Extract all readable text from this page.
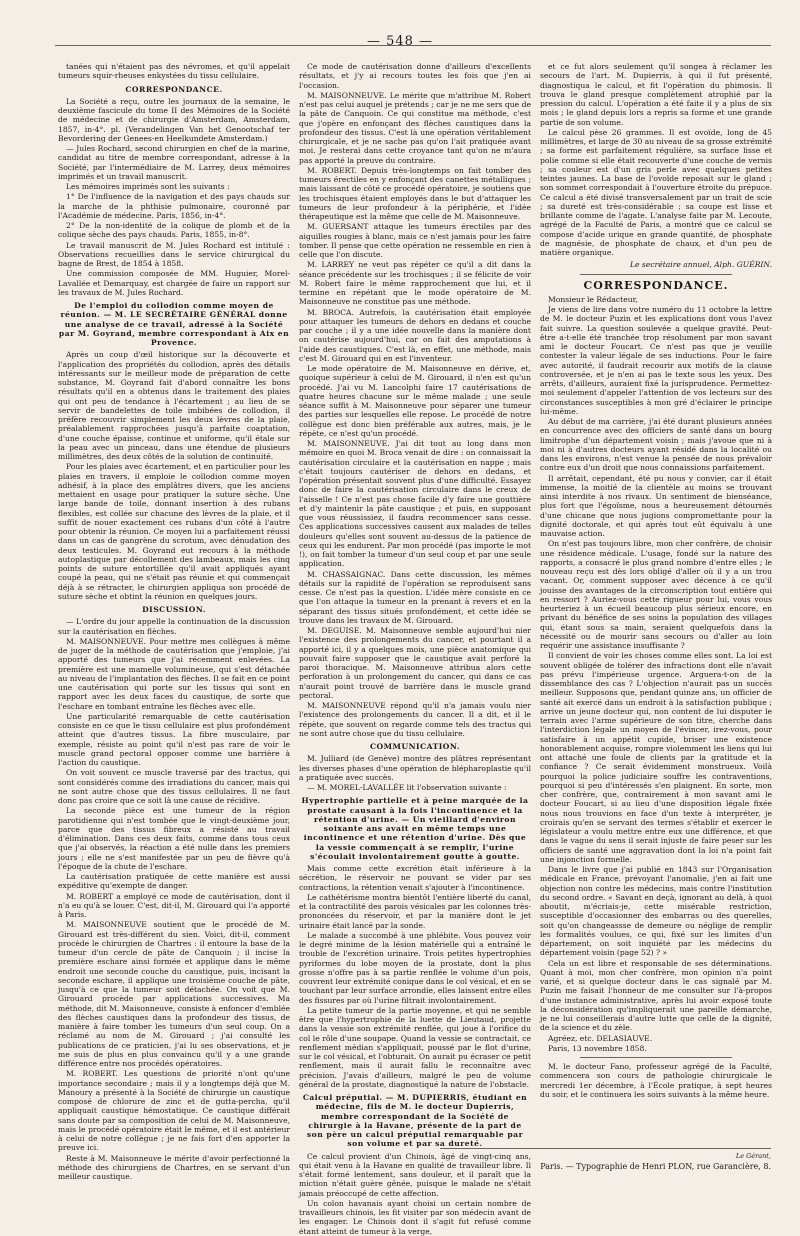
— 548 —

tanées qui n'étaient pas des névromes, et qu'il appelait tumeurs squir-rheuses enkystées du tissu cellulaire.

CORRESPONDANCE.

La Société a reçu, outre les journaux de la semaine, le deuxième fascicule du tome II des Mémoires de la Société de médecine et de chirurgie d'Amsterdam, Amsterdam, 1857, in-4°. pl. (Verandelingen Van het Genootschaf ter Bevordering der Genees-en Heelkundete Amsterdam.)

— Jules Rochard, second chirurgien en chef de la marine, candidat au titre de membre correspondant, adresse à la Société, par l'intermédiaire de M. Larrey, deux mémoires imprimés et un travail manuscrit.

Les mémoires imprimés sont les suivants :

1° De l'influence de la navigation et des pays chauds sur la marche de la phthisie pulmonaire, couronné par l'Académie de médecine. Paris, 1856, in-4°.

2° De la non-identité de la colique de plomb et de la colique sèche des pays chauds. Paris, 1855, in-8°.

Le travail manuscrit de M. Jules Rochard est intitulé : Observations recueillies dans le service chirurgical du bagne de Brest, de 1854 à 1858.

Une commission composée de MM. Huguier, Morel-Lavallée et Demarquay, est chargée de faire un rapport sur les travaux de M. Jules Rochard.

De l'emploi du collodion comme moyen de réunion. — M. LE SECRÉTAIRE GÉNÉRAL donne une analyse de ce travail, adressé à la Société par M. Goyrand, membre correspondant à Aix en Provence.

Après un coup d'œil historique sur la découverte et l'application des propriétés du collodion, après des détails intéressants sur le meilleur mode de préparation de cette substance, M. Goyrand fait d'abord connaître les bons résultats qu'il en a obtenus dans le traitement des plaies qui ont peu de tendance à l'écartement ; au lieu de se servir de bandelettes de toile imbibées de collodion, il préfère recouvrir simplement les deux lèvres de la plaie, préalablement rapprochées jusqu'à parfaite coaptation, d'une couche épaisse, continue et uniforme, qu'il étale sur la peau avec un pinceau, dans une étendue de plusieurs millimètres, des deux côtés de la solution de continuité.

Pour les plaies avec écartement, et en particulier pour les plaies en travers, il emploie le collodion comme moyen adhésif, à la place des emplâtres divers, que les anciens mettaient en usage pour pratiquer la suture sèche. Une large bande de toile, donnant insertion à des rubans flexibles, est collée sur chacune des lèvres de la plaie, et il suffit de nouer exactement ces rubans d'un côté à l'autre pour obtenir la réunion. Ce moyen lui a parfaitement réussi dans un cas de gangrène du scrotum, avec dénudation des deux testicules. M. Goyrand eut recours à la méthode autoplastique par décollement des lambeaux, mais les cinq points de suture entortillée qu'il avait appliqués ayant coupé la peau, qui ne s'était pas réunie et qui commençait déjà à se rétracter, le chirurgien appliqua son procédé de suture sèche et obtint la réunion en quelques jours.

DISCUSSION.

— L'ordre du jour appelle la continuation de la discussion sur la cautérisation en flèches.

M. MAISONNEUVE. Pour mettre mes collègues à même de juger de la méthode de cautérisation que j'emploie, j'ai apporté des tumeurs que j'ai récemment enlevées. La première est une mamelle volumineuse, qui s'est détachée au niveau de l'implantation des flèches. Il se fait en ce point une cautérisation qui porte sur les tissus qui sont en rapport avec les deux faces du caustique, de sorte que l'eschare en tombant entraîne les flèches avec elle.

Une particularité remarquable de cette cautérisation consiste en ce que le tissu cellulaire est plus profondément atteint que d'autres tissus. La fibre musculaire, par exemple, résiste au point qu'il n'est pas rare de voir le muscle grand pectoral opposer comme une barrière à l'action du caustique.

On voit souvent ce muscle traversé par des tractus, qui sont considérés comme des irradiations du cancer, mais qui ne sont autre chose que des tissus cellulaires. Il ne faut donc pas croire que ce soit là une cause de récidive.

La seconde pièce est une tumeur de la région parotidienne qui n'est tombée que le vingt-deuxième jour, parce que des tissus fibreux a résisté au travail d'élimination. Dans ces deux faits, comme dans tous ceux que j'ai observés, la réaction a été nulle dans les premiers jours ; elle ne s'est manifestée par un peu de fièvre qu'à l'époque de la chute de l'eschare.

La cautérisation pratiquée de cette manière est aussi expéditive qu'exempte de danger.

M. ROBERT a employé ce mode de cautérisation, dont il n'a eu qu'à se louer. C'est, dit-il, M. Girouard qui l'a apporté à Paris.

M. MAISONNEUVE soutient que le procédé de M. Girouard est très-différent du sien. Voici, dit-il, comment procède le chirurgien de Chartres : il entoure la base de la tumeur d'un cercle de pâte de Canquoin ; il incise la première eschare ainsi formée et applique dans le même endroit une seconde couche du caustique, puis, incisant la seconde eschare, il applique une troisième couche de pâte, jusqu'à ce que la tumeur soit détachée. On voit que M. Girouard procède par applications successives. Ma méthode, dit M. Maisonneuve, consiste à enfoncer d'emblée des flèches caustiques dans la profondeur des tissus, de manière à faire tomber les tumeurs d'un seul coup. On a réclamé au nom de M. Girouard ; j'ai consulté les publications de ce praticien, j'ai lu ses observations, et je me suis de plus en plus convaincu qu'il y a une grande différence entre nos procédés opératoires.

M. ROBERT. Les questions de priorité n'ont qu'une importance secondaire ; mais il y a longtemps déjà que M. Manoury a présenté à la Société de chirurgie un caustique composé de chlorure de zinc et de gutta-percha, qu'il appliquait caustique hémostatique. Ce caustique différait sans doute par sa composition de celui de M. Maisonneuve, mais le procédé opératoire était le même, et il est antérieur à celui de notre collègue ; je ne fais fort d'en apporter la preuve ici.

Reste à M. Maisonneuve le mérite d'avoir perfectionné la méthode des chirurgiens de Chartres, en se servant d'un meilleur caustique.

Ce mode de cautérisation donne d'ailleurs d'excellents résultats, et j'y ai recours toutes les fois que j'en ai l'occasion.

M. MAISONNEUVE. Le mérite que m'attribue M. Robert n'est pas celui auquel je prétends ; car je ne me sers que de la pâte de Canquoin. Ce qui constitue ma méthode, c'est que j'opère en enfonçant des flèches caustiques dans la profondeur des tissus. C'est là une opération véritablement chirurgicale, et je ne sache pas qu'on l'ait pratiquée avant moi. Je resterai dans cette croyance tant qu'on ne m'aura pas apporté la preuve du contraire.

M. ROBERT. Depuis très-longtemps on fait tomber des tumeurs érectiles en y enfonçant des canettes métalliques ; mais laissant de côté ce procédé opératoire, je soutiens que les trochisques étaient employés dans le but d'attaquer les tumeurs de leur profondeur à la périphérie, et l'idée thérapeutique est la même que celle de M. Maisonneuve.

M. GUERSANT attaque les tumeurs érectiles par des aiguilles rougies à blanc, mais ce n'est jamais pour les faire tomber. Il pense que cette opération ne ressemble en rien à celle que l'on discute.

M. LARREY ne veut pas répéter ce qu'il a dit dans la séance précédente sur les trochisques ; il se félicite de voir M. Robert faire le même rapprochement que lui, et il termine en répétant que le mode opératoire de M. Maisonneuve ne constitue pas une méthode.

M. BROCA. Autrefois, la cautérisation était employée pour attaquer les tumeurs de dehors en dedans et couche par couche ; il y a une idée nouvelle dans la manière dont on cautérise aujourd'hui, car on fait des amputations à l'aide des caustiques. C'est là, en effet, une méthode, mais c'est M. Girouard qui en est l'inventeur.

Le mode opératoire de M. Maisonneuve en dérive, et, quoique supérieur à celui de M. Girouard, il n'en est qu'un procédé. J'ai vu M. Lancolphi faire 17 cautérisations de quatre heures chacune sur le même malade ; une seule séance suffit à M. Maisonneuve pour séparer une tumeur des parties sur lesquelles elle repose. Le procédé de notre collègue est donc bien préférable aux autres, mais, je le répète, ce n'est qu'un procédé.

M. MAISONNEUVE. J'ai dit tout au long dans mon mémoire en quoi M. Broca venait de dire : on connaissait la cautérisation circulaire et la cautérisation en nappe ; mais c'était toujours cautériser de dehors en dedans, et l'opération présentait souvent plus d'une difficulté. Essayez donc de faire la cautérisation circulaire dans le creux de l'aisselle ! Ce n'est pas chose facile d'y faire une gouttière et d'y maintenir la pâte caustique ; et puis, en supposant que vous réussissiez, il faudra recommencer sans cesse. Ces applications successives causent aux malades de telles douleurs qu'elles sont souvent au-dessus de la patience de ceux qui les endurent. Par mon procédé (pas importe le mot !), on fait tomber la tumeur d'un seul coup et par une seule application.

M. CHASSAIGNAC. Dans cette discussion, les mêmes détails sur la rapidité de l'opération se reproduisent sans cesse. Ce n'est pas la question. L'idée mère consiste en ce que l'on attaque la tumeur en la prenant à revers et en la séparant des tissus situés profondément, et cette idée se trouve dans les travaux de M. Girouard.

M. DEGUISE. M. Maisonneuve semble aujourd'hui nier l'existence des prolongements du cancer, et pourtant il a apporté ici, il y a quelques mois, une pièce anatomique qui pouvait faire supposer que le caustique avait perforé la paroi thoracique. M. Maisonneuve attribua alors cette perforation à un prolongement du cancer, qui dans ce cas n'aurait point trouvé de barrière dans le muscle grand pectoral.

M. MAISONNEUVE répond qu'il n'a jamais voulu nier l'existence des prolongements du cancer. Il a dit, et il le répète, que souvent on regarde comme tels des tractus qui ne sont autre chose que du tissu cellulaire.

COMMUNICATION.

M. Julliard (de Genève) montre des plâtres représentant les diverses phases d'une opération de blépharoplastie qu'il a pratiquée avec succès.

— M. MOREL-LAVALLÉE lit l'observation suivante :

Hypertrophie partielle et à peine marquée de la prostate causant à la fois l'incontinence et la rétention d'urine. — Un vieillard d'environ soixante ans avait en même temps une incontinence et une rétention d'urine. Dès que la vessie commençait à se remplir, l'urine s'écoulait involontairement goutte à goutte.

Mais comme cette excrétion était inférieure à la sécrétion, le réservoir ne pouvant se vider par ses contractions, la rétention venait s'ajouter à l'incontinence.

Le cathétérisme montra bientôt l'entière liberté du canal, et la contractilité des parois vésicales par les colonnes très-prononcées du réservoir, et par la manière dont le jet urinaire était lancé par la sonde.

Le malade a succombé à une phlébite. Vous pouvez voir le degré minime de la lésion matérielle qui a entraîné le trouble de l'excrétion urinaire. Trois petites hypertrophies pyriformes du lobe moyen de la prostate, dont la plus grosse n'offre pas à sa partie renflée le volume d'un pois, couvrent leur extrémité conique dans le col vésical, et en se touchant par leur surface arrondie, elles laissent entre elles des fissures par où l'urine filtrait involontairement.

La petite tumeur de la partie moyenne, et qui ne semble être que l'hypertrophie de la luette de Lieutaud, projette dans la vessie son extrémité renflée, qui joue à l'orifice du col le rôle d'une soupape. Quand la vessie se contractait, ce renflement médian s'appliquait, poussé par le flot d'urine, sur le col vésical, et l'obturait. On aurait pu écraser ce petit renflement, mais il aurait fallu le reconnaître avec précision. J'avais d'ailleurs, malgré le peu de volume général de la prostate, diagnostiqué la nature de l'obstacle.

Calcul préputial. — M. DUPIERRIS, étudiant en médecine, fils de M. le docteur Dupierris, membre correspondant de la Société de chirurgie à la Havane, présente de la part de son père un calcul préputial remarquable par son volume et par sa dureté.

Ce calcul provient d'un Chinois, âgé de vingt-cinq ans, qui était venu à la Havane en qualité de travailleur libre. Il s'était formé lentement, sans douleur, et il paraît que la miction n'était guère gênée, puisque le malade ne s'était jamais préoccupé de cette affection.

Un colon havanais ayant choisi un certain nombre de travailleurs chinois, les fit visiter par son médecin avant de les engager. Le Chinois dont il s'agit fut refusé comme étant atteint de tumeur à la verge,

et ce fut alors seulement qu'il songea à réclamer les secours de l'art. M. Dupierris, à qui il fut présenté, diagnostiqua le calcul, et fit l'opération du phimosis. Il trouva le gland presque complètement atrophié par la pression du calcul. L'opération a été faite il y a plus de six mois ; le gland depuis lors a repris sa forme et une grande partie de son volume.

Le calcul pèse 26 grammes. Il est ovoïde, long de 45 millimètres, et large de 30 au niveau de sa grosse extrémité ; sa forme est parfaitement régulière, sa surface lisse et polie comme si elle était recouverte d'une couche de vernis ; sa couleur est d'un gris perle avec quelques petites teintes jaunes. La base de l'ovoïde reposait sur le gland ; son sommet correspondait à l'ouverture étroite du prépuce. Ce calcul a été divisé transversalement par un trait de scie ; sa dureté est très-considérable ; sa coupe est lisse et brillante comme de l'agate. L'analyse faite par M. Lecoute, agrégé de la Faculté de Paris, a montré que ce calcul se compose d'acide urique en grande quantité, de phosphate de magnésie, de phosphate de chaux, et d'un peu de matière organique.

Le secrétaire annuel, Alph. GUÉRIN.

CORRESPONDANCE.

Monsieur le Rédacteur,

Je viens de lire dans votre numéro du 11 octobre la lettre de M. le docteur Puzin et les explications dont vous l'avez fait suivre. La question soulevée a quelque gravité. Peut-être a-t-elle été tranchée trop résolument par mon savant ami le docteur Foucart. Ce n'est pas que je veuille contester la valeur légale de ses inductions. Pour le faire avec autorité, il faudrait recourir aux motifs de la clause controversée, et je n'en ai pas le texte sous les yeux. Des arrêts, d'ailleurs, auraient fixé la jurisprudence. Permettez-moi seulement d'appeler l'attention de vos lecteurs sur des circonstances susceptibles à mon gré d'éclairer le principe lui-même.

Au début de ma carrière, j'ai été durant plusieurs années en concurrence avec des officiers de santé dans un bourg limitrophe d'un département voisin ; mais j'avoue que ni à moi ni à d'autres docteurs ayant résidé dans la localité ou dans les environs, n'est venue la pensée de nous prévaloir contre eux d'un droit que nous connaissions parfaitement.

Il arrêtait, cependant, été pu nous y convier, car il était immense, la moitié de la clientèle au moins se trouvant ainsi interdite à nos rivaux. Un sentiment de bienséance, plus fort que l'égoïsme, nous a heureusement détournés d'une chicane que nous jugions compromettante pour la dignité doctorale, et qui après tout eût équivalu à une mauvaise action.

On n'est pas toujours libre, mon cher confrère, de choisir une résidence médicale. L'usage, fondé sur la nature des rapports, a consacré le plus grand nombre d'entre elles ; le nouveau reçu est dès lors obligé d'aller où il y a un trou vacant. Or, comment supposer avec décence à ce qu'il jouisse des avantages de la circonscription tout entière qui en ressort ? Auriez-vous cette rigueur pour lui, vous vous heurteriez à un écueil beaucoup plus sérieux encore, en privant du bénéfice de ses soins la population des villages qui, étant sous sa main, seraient quelquefois dans la nécessité ou de mourir sans secours ou d'aller au loin requérir une assistance insuffisante ?

Il convient de voir les choses comme elles sont. La loi est souvent obligée de tolérer des infractions dont elle n'avait pas prévu l'impérieuse urgence. Arguera-t-on de la dissemblance des cas ? L'objection n'aurait pas un succès meilleur. Supposons que, pendant quinze ans, un officier de santé ait exercé dans un endroit à la satisfaction publique ; arrive un jeune docteur qui, non content de lui disputer le terrain avec l'arme supérieure de son titre, cherche dans l'interdiction légale un moyen de l'évincer, irez-vous, pour satisfaire à un appétit cupide, briser une existence honorablement acquise, rompre violemment les liens qui lui ont attaché une foule de clients par la gratitude et la confiance ? Ce serait évidemment monstrueux. Voilà pourquoi la police judiciaire souffre les contraventions, pourquoi si peu d'intéressés s'en plaignent. En sorte, mon cher confrère, que, contrairement à mon savant ami le docteur Foucart, si au lieu d'une disposition légale fixée nous nous trouvions en face d'un texte à interpréter, je croirais qu'en se servant des termes s'établir et exercer le législateur a voulu mettre entre eux une différence, et que dans le vague du sens il serait injuste de faire peser sur les officiers de santé une aggravation dont la loi n'a point fait une injonction formelle.

Dans le livre que j'ai publié en 1843 sur l'Organisation médicale en France, prévoyant l'anomalie, j'en ai fait une objection non contre les médecins, mais contre l'institution du second ordre. « Savant en deçà, ignorant au delà, à quoi aboutit, m'écriais-je, cette misérable restriction, susceptible d'occasionner des embarras ou des querelles, soit qu'on changeassse de demeure ou néglige de remplir les formalités voulues, ce qui, fixé sur les limites d'un département, on soit inquiété par les médecins du département voisin (page 52) ? »

Cela un est libre et responsable de ses déterminations. Quant à moi, mon cher confrère, mon opinion n'a point varié, et si quelque docteur dans le cas signalé par M. Puzin me faisait l'honneur de me consulter sur l'à-propos d'une instance administrative, après lui avoir exposé toute la déconsidération qu'impliquerait une pareille démarche, je ne lui conseillerais d'autre lutte que celle de la dignité, de la science et du zèle.

Agréez, etc. DELASIAUVE.

Paris, 13 novembre 1858.

M. le docteur Fano, professeur agrégé de la Faculté, commencera son cours de pathologie chirurgicale le mercredi 1er décembre, à l'École pratique, à sept heures du soir, et le continuera les soirs suivants à la même heure.

Le Gérant,
Paris. — Typographie de Henri PLON, rue Garancière, 8.
